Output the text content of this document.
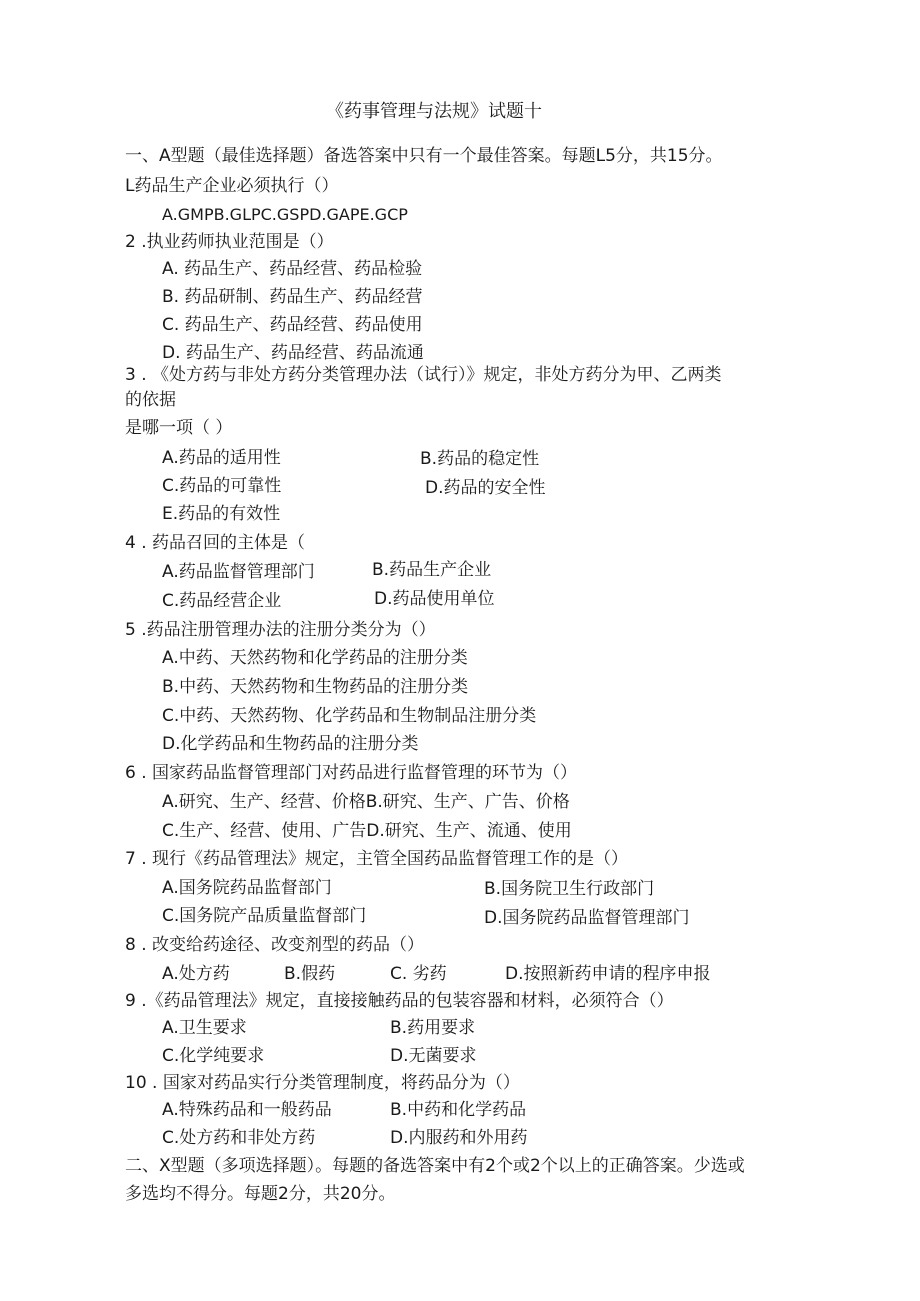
《药事管理与法规》试题十
一、A型题（最佳选择题）备选答案中只有一个最佳答案。每题L5分，共15分。
L药品生产企业必须执行（）
A.GMPB.GLPC.GSPD.GAPE.GCP
2 .执业药师执业范围是（）
A. 药品生产、药品经营、药品检验
B. 药品研制、药品生产、药品经营
C. 药品生产、药品经营、药品使用
D. 药品生产、药品经营、药品流通
3 . 《处方药与非处方药分类管理办法（试行）》规定，非处方药分为甲、乙两类
的依据
是哪一项（ ）
A.药品的适用性	B.药品的稳定性
C.药品的可靠性	D.药品的安全性
E.药品的有效性
4 . 药品召回的主体是（
A.药品监督管理部门	B.药品生产企业
C.药品经营企业	D.药品使用单位
5 .药品注册管理办法的注册分类分为（）
A.中药、天然药物和化学药品的注册分类
B.中药、天然药物和生物药品的注册分类
C.中药、天然药物、化学药品和生物制品注册分类
D.化学药品和生物药品的注册分类
6 . 国家药品监督管理部门对药品进行监督管理的环节为（）
A.研究、生产、经营、价格B.研究、生产、广告、价格
C.生产、经营、使用、广告D.研究、生产、流通、使用
7 . 现行《药品管理法》规定，主管全国药品监督管理工作的是（）
A.国务院药品监督部门	B.国务院卫生行政部门
C.国务院产品质量监督部门	D.国务院药品监督管理部门
8 . 改变给药途径、改变剂型的药品（）
A.处方药	B.假药	C. 劣药	D.按照新药申请的程序申报
9 .《药品管理法》规定，直接接触药品的包装容器和材料，必须符合（）
A.卫生要求	B.药用要求
C.化学纯要求	D.无菌要求
10 . 国家对药品实行分类管理制度，将药品分为（）
A.特殊药品和一般药品	B.中药和化学药品
C.处方药和非处方药	D.内服药和外用药
二、X型题（多项选择题）。每题的备选答案中有2个或2个以上的正确答案。少选或
多选均不得分。每题2分，共20分。
